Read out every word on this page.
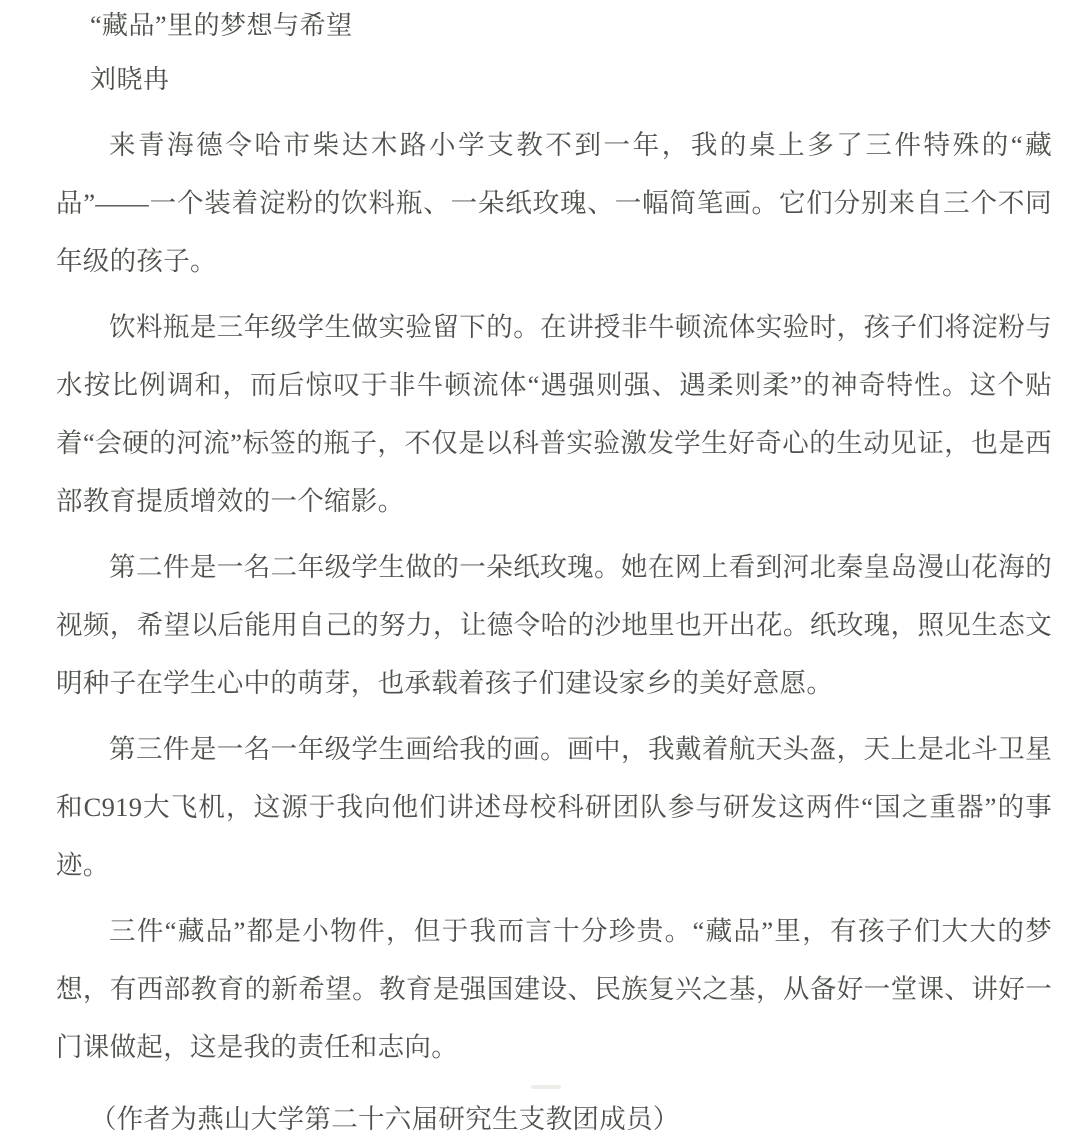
“藏品”里的梦想与希望
刘晓冉

来青海德令哈市柴达木路小学支教不到一年，我的桌上多了三件特殊的“藏品”——一个装着淀粉的饮料瓶、一朵纸玫瑰、一幅简笔画。它们分别来自三个不同年级的孩子。

饮料瓶是三年级学生做实验留下的。在讲授非牛顿流体实验时，孩子们将淀粉与水按比例调和，而后惊叹于非牛顿流体“遇强则强、遇柔则柔”的神奇特性。这个贴着“会硬的河流”标签的瓶子，不仅是以科普实验激发学生好奇心的生动见证，也是西部教育提质增效的一个缩影。

第二件是一名二年级学生做的一朵纸玫瑰。她在网上看到河北秦皇岛漫山花海的视频，希望以后能用自己的努力，让德令哈的沙地里也开出花。纸玫瑰，照见生态文明种子在学生心中的萌芽，也承载着孩子们建设家乡的美好意愿。

第三件是一名一年级学生画给我的画。画中，我戴着航天头盔，天上是北斗卫星和C919大飞机，这源于我向他们讲述母校科研团队参与研发这两件“国之重器”的事迹。

三件“藏品”都是小物件，但于我而言十分珍贵。“藏品”里，有孩子们大大的梦想，有西部教育的新希望。教育是强国建设、民族复兴之基，从备好一堂课、讲好一门课做起，这是我的责任和志向。

（作者为燕山大学第二十六届研究生支教团成员）
